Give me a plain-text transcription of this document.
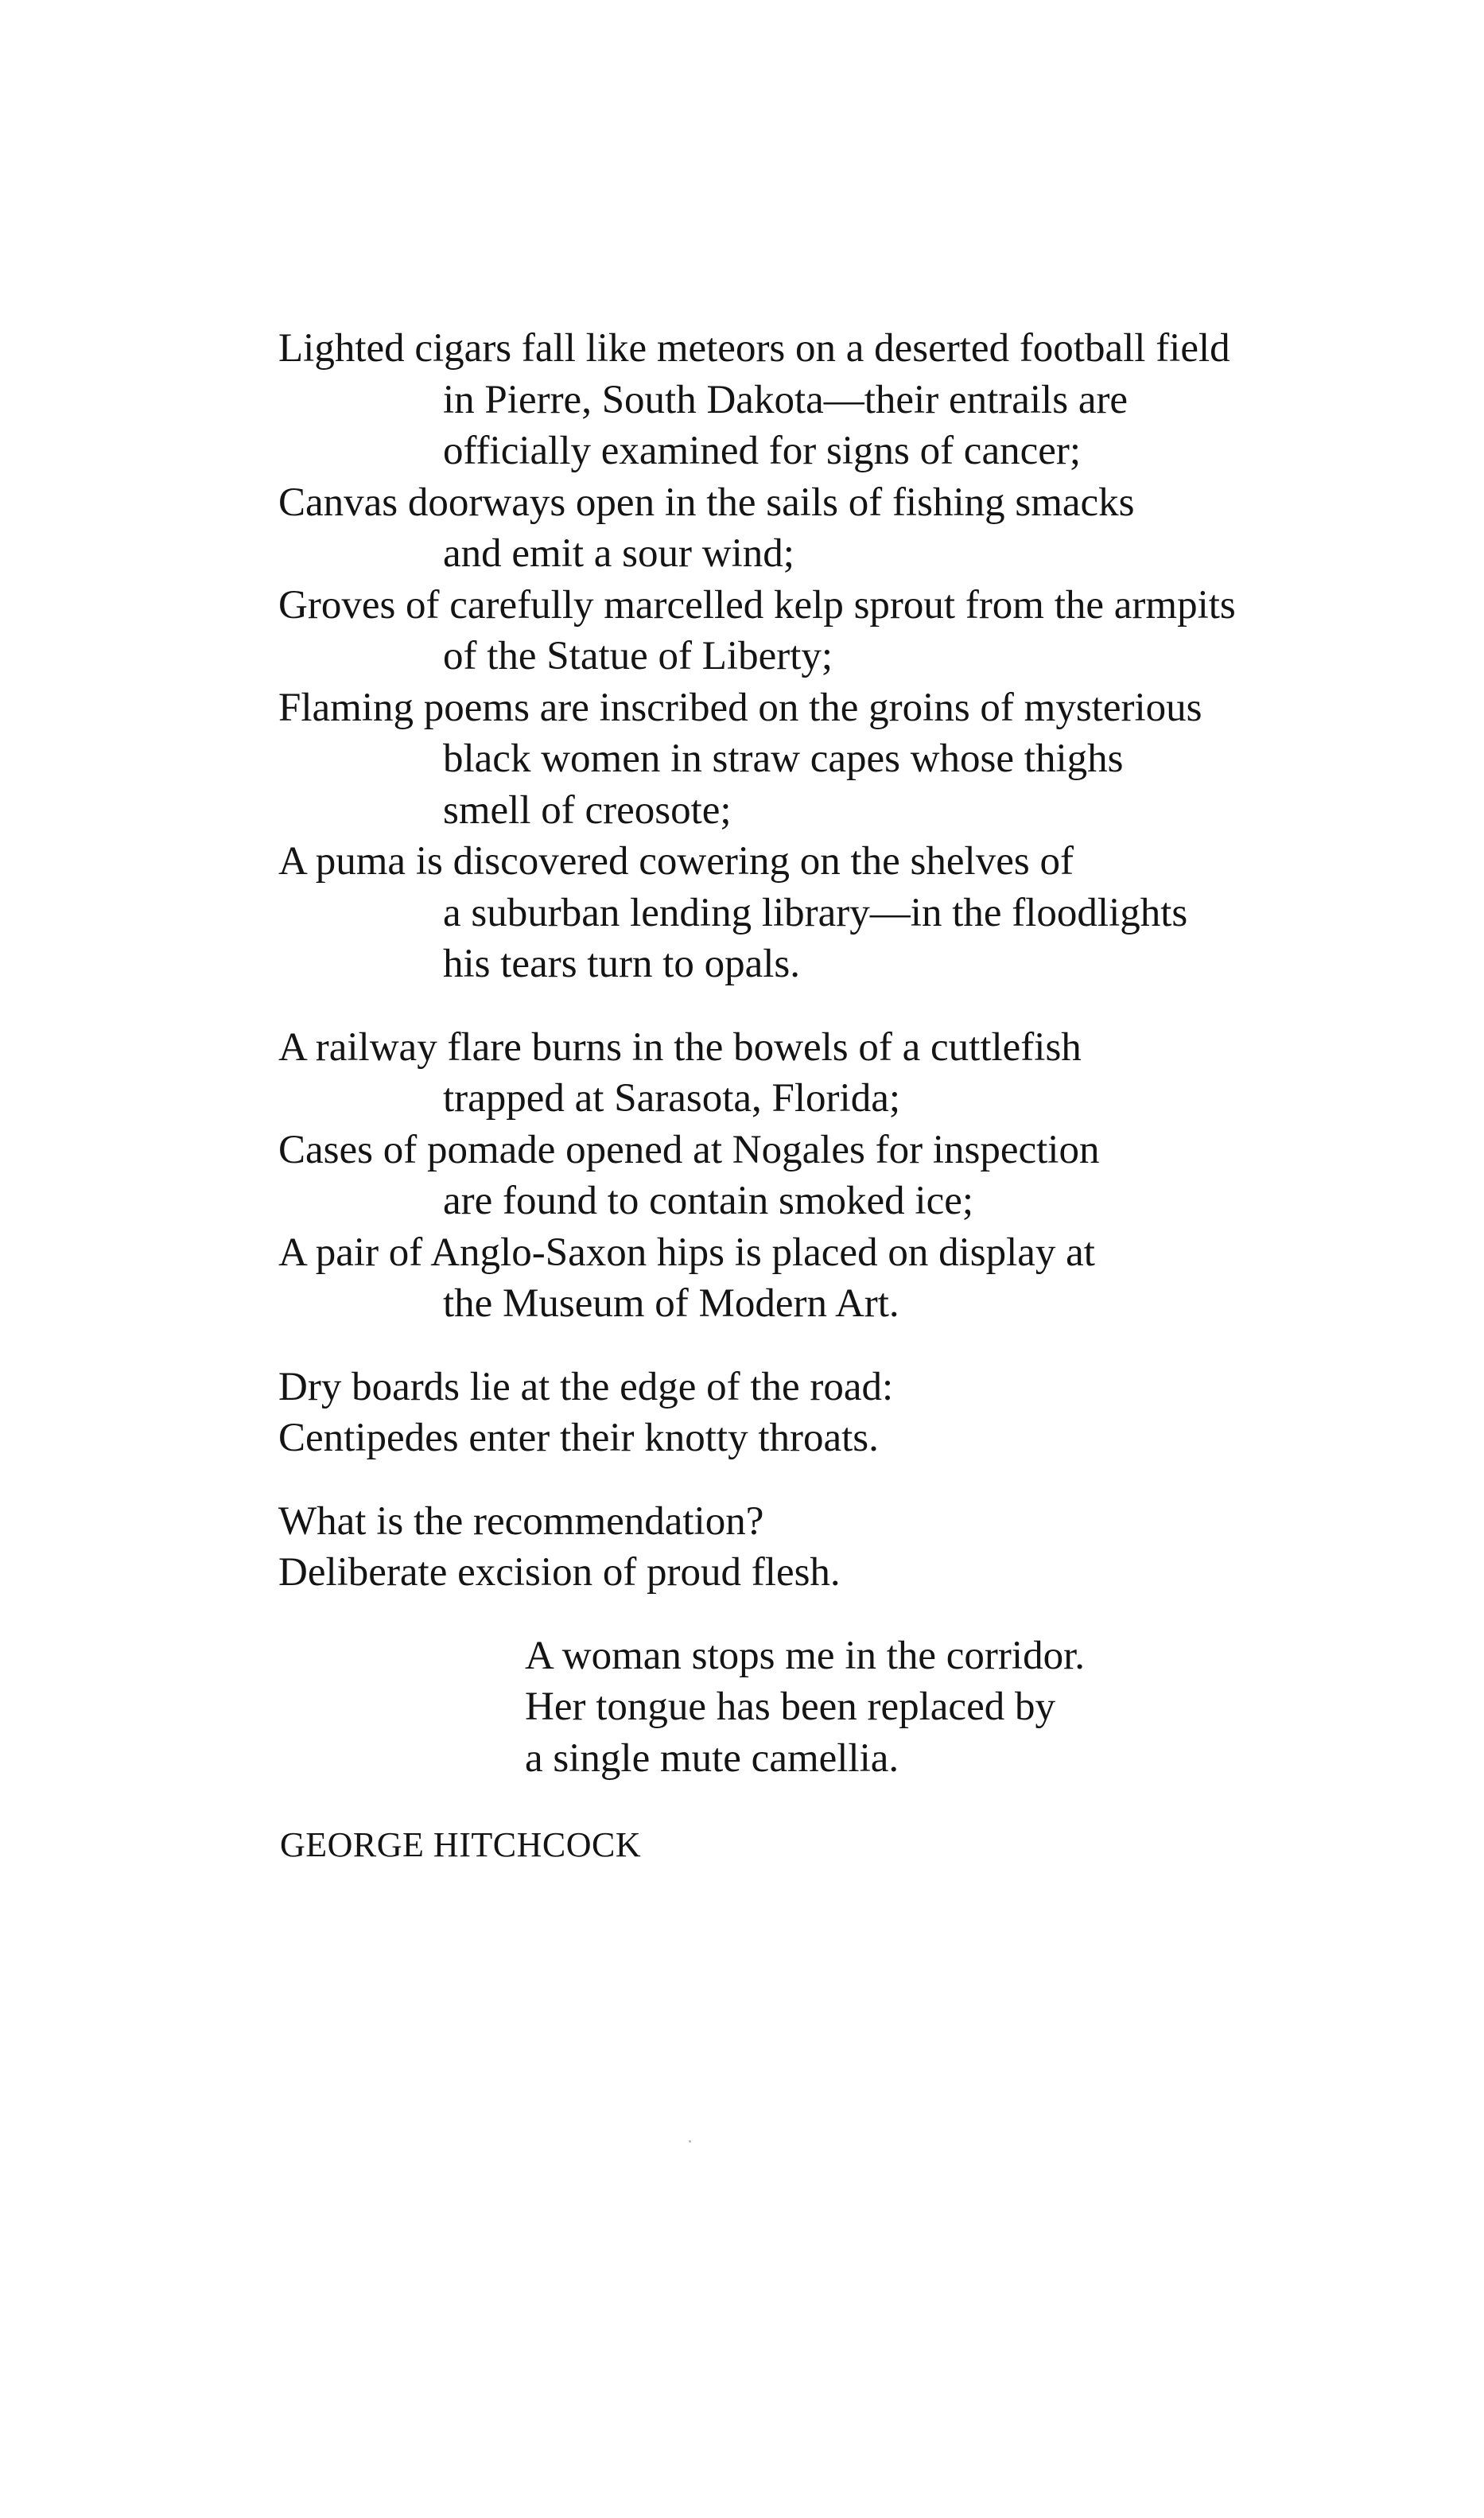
Lighted cigars fall like meteors on a deserted football field
in Pierre, South Dakota—their entrails are
officially examined for signs of cancer;
Canvas doorways open in the sails of fishing smacks
and emit a sour wind;
Groves of carefully marcelled kelp sprout from the armpits
of the Statue of Liberty;
Flaming poems are inscribed on the groins of mysterious
black women in straw capes whose thighs
smell of creosote;
A puma is discovered cowering on the shelves of
a suburban lending library—in the floodlights
his tears turn to opals.
A railway flare burns in the bowels of a cuttlefish
trapped at Sarasota, Florida;
Cases of pomade opened at Nogales for inspection
are found to contain smoked ice;
A pair of Anglo-Saxon hips is placed on display at
the Museum of Modern Art.
Dry boards lie at the edge of the road:
Centipedes enter their knotty throats.
What is the recommendation?
Deliberate excision of proud flesh.
A woman stops me in the corridor.
Her tongue has been replaced by
a single mute camellia.
GEORGE HITCHCOCK
